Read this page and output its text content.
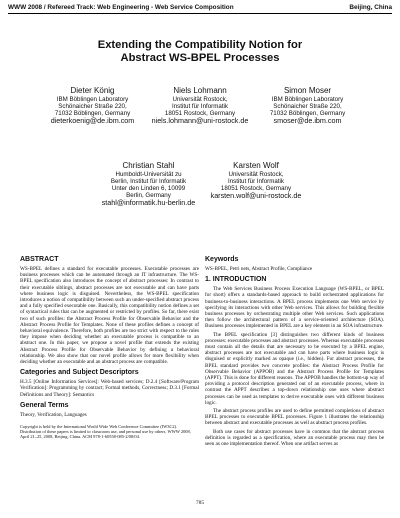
WWW 2008 / Refereed Track: Web Engineering - Web Service Composition	Beijing, China
Extending the Compatibility Notion for
Abstract WS-BPEL Processes
Dieter König
IBM Böblingen Laboratory
Schönaicher Straße 220,
71032 Böblingen, Germany
dieterkoenig@de.ibm.com
Niels Lohmann
Universität Rostock,
Institut für Informatik
18051 Rostock, Germany
niels.lohmann@uni-rostock.de
Simon Moser
IBM Böblingen Laboratory
Schönaicher Straße 220,
71032 Böblingen, Germany
smoser@de.ibm.com
Christian Stahl
Humboldt-Universität zu
Berlin, Institut für Informatik
Unter den Linden 6, 10099
Berlin, Germany
stahl@informatik.hu-berlin.de
Karsten Wolf
Universität Rostock,
Institut für Informatik
18051 Rostock, Germany
karsten.wolf@uni-rostock.de
ABSTRACT

WS-BPEL defines a standard for executable processes. Executable processes are business processes which can be automated through an IT infrastructure. The WS-BPEL specification also introduces the concept of abstract processes: In contrast to their executable siblings, abstract processes are not executable and can have parts where business logic is disguised. Nevertheless, the WS-BPEL specification introduces a notion of compatibility between such an under-specified abstract process and a fully specified executable one. Basically, this compatibility notion defines a set of syntactical rules that can be augmented or restricted by profiles. So far, there exist two of such profiles: the Abstract Process Profile for Observable Behavior and the Abstract Process Profile for Templates. None of these profiles defines a concept of behavioral equivalence. Therefore, both profiles are too strict with respect to the rules they impose when deciding whether an executable process is compatible to an abstract one. In this paper, we propose a novel profile that extends the existing Abstract Process Profile for Observable Behavior by defining a behavioral relationship. We also show that our novel profile allows for more flexibility when deciding whether an executable and an abstract process are compatible.

Categories and Subject Descriptors

H.3.5 [Online Information Services]: Web-based services; D.2.4 [Software/Program Verification]: Programming by contract; Formal methods, Correctness; D.3.1 [Formal Definitions and Theory]: Semantics

General Terms

Theory, Verification, Languages

Copyright is held by the International World Wide Web Conference Committee (IW3C2). Distribution of these papers is limited to classroom use, and personal use by others. WWW 2008, April 21–25, 2008, Beijing, China. ACM 978-1-60558-085-2/08/04.
Keywords

WS-BPEL, Petri nets, Abstract Profile, Compliance

1. INTRODUCTION

The Web Services Business Process Execution Language (WS-BPEL, or BPEL for short) offers a standards-based approach to build orchestrated applications for business-to-business interactions. A BPEL process implements one Web service by specifying its interactions with other Web services. This allows for building flexible business processes by orchestrating multiple other Web services. Such applications then follow the architectural pattern of a service-oriented architecture (SOA). Business processes implemented in BPEL are a key element in an SOA infrastructure.

The BPEL specification [3] distinguishes two different kinds of business processes: executable processes and abstract processes. Whereas executable processes must contain all the details that are necessary to be executed by a BPEL engine, abstract processes are not executable and can have parts where business logic is disguised or explicitly marked as opaque (i.e., hidden). For abstract processes, the BPEL standard provides two concrete profiles: the Abstract Process Profile for Observable Behavior (APPOB) and the Abstract Process Profile for Templates (APPT). This is done for different reasons. The APPOB handles the bottom-up way of providing a protocol description generated out of an executable process, where in contrast the APPT describes a top-down relationship one uses where abstract processes can be used as templates to derive executable ones with different business logic.

The abstract process profiles are used to define permitted completions of abstract BPEL processes to executable BPEL processes. Figure 1 illustrates the relationship between abstract and executable processes as well as abstract process profiles.

Both use cases for abstract processes have in common that the abstract process definition is regarded as a specification, where an executable process may then be seen as one implementation thereof. When one artifact serves as

785
